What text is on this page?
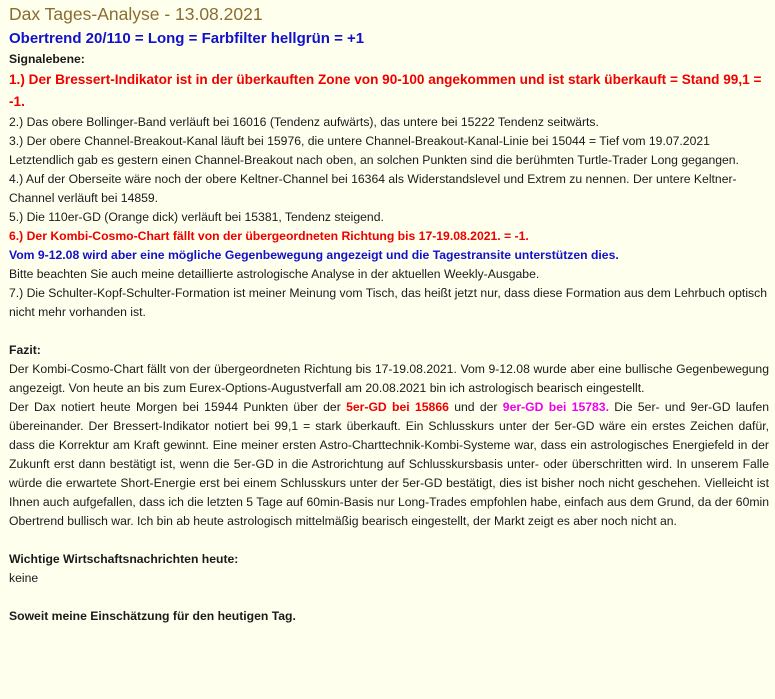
Dax Tages-Analyse - 13.08.2021
Obertrend 20/110 = Long = Farbfilter hellgrün = +1
Signalebene:
1.) Der Bressert-Indikator ist in der überkauften Zone von 90-100 angekommen und ist stark überkauft = Stand 99,1 = -1.
2.) Das obere Bollinger-Band verläuft bei 16016 (Tendenz aufwärts), das untere bei 15222 Tendenz seitwärts.
3.) Der obere Channel-Breakout-Kanal läuft bei 15976, die untere Channel-Breakout-Kanal-Linie bei 15044 = Tief vom 19.07.2021 Letztendlich gab es gestern einen Channel-Breakout nach oben, an solchen Punkten sind die berühmten Turtle-Trader Long gegangen.
4.) Auf der Oberseite wäre noch der obere Keltner-Channel bei 16364 als Widerstandslevel und Extrem zu nennen. Der untere Keltner-Channel verläuft bei 14859.
5.) Die 110er-GD (Orange dick) verläuft bei 15381, Tendenz steigend.
6.) Der Kombi-Cosmo-Chart fällt von der übergeordneten Richtung bis 17-19.08.2021. = -1.
Vom 9-12.08 wird aber eine mögliche Gegenbewegung angezeigt und die Tagestransite unterstützen dies.
Bitte beachten Sie auch meine detaillierte astrologische Analyse in der aktuellen Weekly-Ausgabe.
7.) Die Schulter-Kopf-Schulter-Formation ist meiner Meinung vom Tisch, das heißt jetzt nur, dass diese Formation aus dem Lehrbuch optisch nicht mehr vorhanden ist.
Fazit:
Der Kombi-Cosmo-Chart fällt von der übergeordneten Richtung bis 17-19.08.2021. Vom 9-12.08 wurde aber eine bullische Gegenbewegung angezeigt. Von heute an bis zum Eurex-Options-Augustverfall am 20.08.2021 bin ich astrologisch bearisch eingestellt.
Der Dax notiert heute Morgen bei 15944 Punkten über der 5er-GD bei 15866 und der 9er-GD bei 15783. Die 5er- und 9er-GD laufen übereinander. Der Bressert-Indikator notiert bei 99,1 = stark überkauft. Ein Schlusskurs unter der 5er-GD wäre ein erstes Zeichen dafür, dass die Korrektur am Kraft gewinnt. Eine meiner ersten Astro-Charttechnik-Kombi-Systeme war, dass ein astrologisches Energiefeld in der Zukunft erst dann bestätigt ist, wenn die 5er-GD in die Astrorichtung auf Schlusskursbasis unter- oder überschritten wird. In unserem Falle würde die erwartete Short-Energie erst bei einem Schlusskurs unter der 5er-GD bestätigt, dies ist bisher noch nicht geschehen. Vielleicht ist Ihnen auch aufgefallen, dass ich die letzten 5 Tage auf 60min-Basis nur Long-Trades empfohlen habe, einfach aus dem Grund, da der 60min Obertrend bullisch war. Ich bin ab heute astrologisch mittelmäßig bearisch eingestellt, der Markt zeigt es aber noch nicht an.
Wichtige Wirtschaftsnachrichten heute:
keine
Soweit meine Einschätzung für den heutigen Tag.
